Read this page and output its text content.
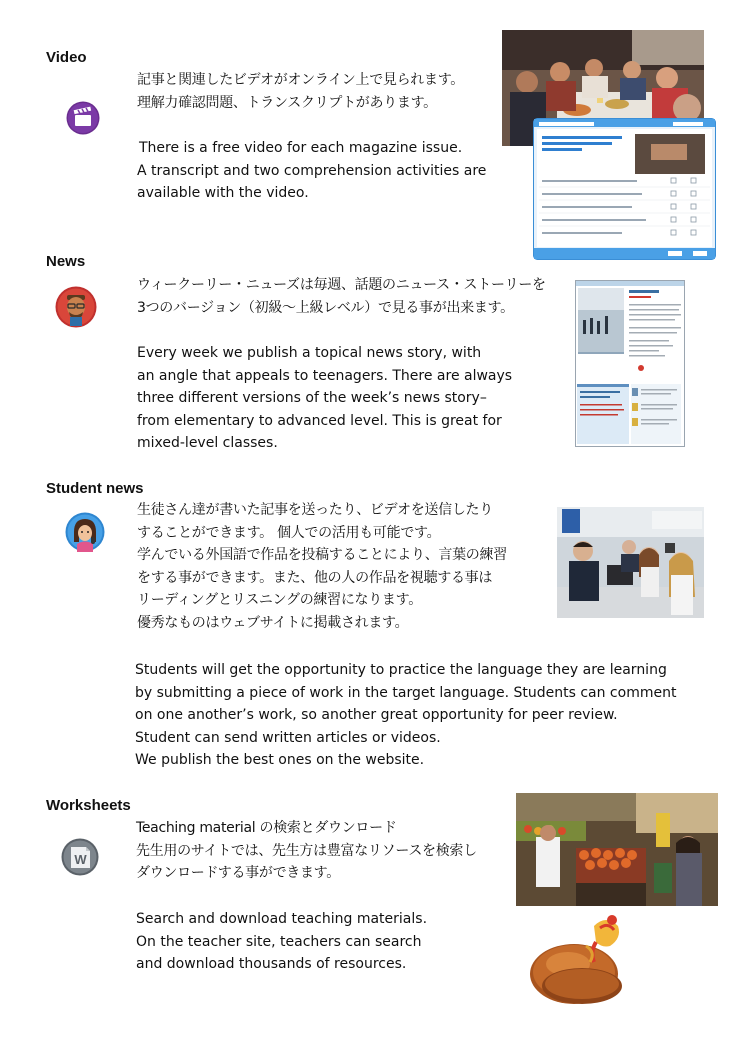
Video
記事と関連したビデオがオンライン上で見られます。
理解力確認問題、トランスクリプトがあります。
There is a free video for each magazine issue.
A transcript and two comprehension activities are
available with the video.
News
ウィークーリー・ニューズは毎週、話題のニュース・ストーリーを
3つのバージョン（初級～上級レベル）で見る事が出来ます。
Every week we publish a topical news story, with
an angle that appeals to teenagers. There are always
three different versions of the week’s news story–
from elementary to advanced level. This is great for
mixed-level classes.
Student news
生徒さん達が書いた記事を送ったり、ビデオを送信したり
することができます。 個人での活用も可能です。
学んでいる外国語で作品を投稿することにより、言葉の練習
をする事ができます。また、他の人の作品を視聴する事は
リーディングとリスニングの練習になります。
優秀なものはウェブサイトに掲載されます。
Students will get the opportunity to practice the language they are learning
by submitting a piece of work in the target language. Students can comment
on one another’s work, so another great opportunity for peer review.
Student can send written articles or videos.
We publish the best ones on the website.
Worksheets
W
Teaching material の検索とダウンロード
先生用のサイトでは、先生方は豊富なリソースを検索し
ダウンロードする事ができます。
Search and download teaching materials.
On the teacher site, teachers can search
and download thousands of resources.
